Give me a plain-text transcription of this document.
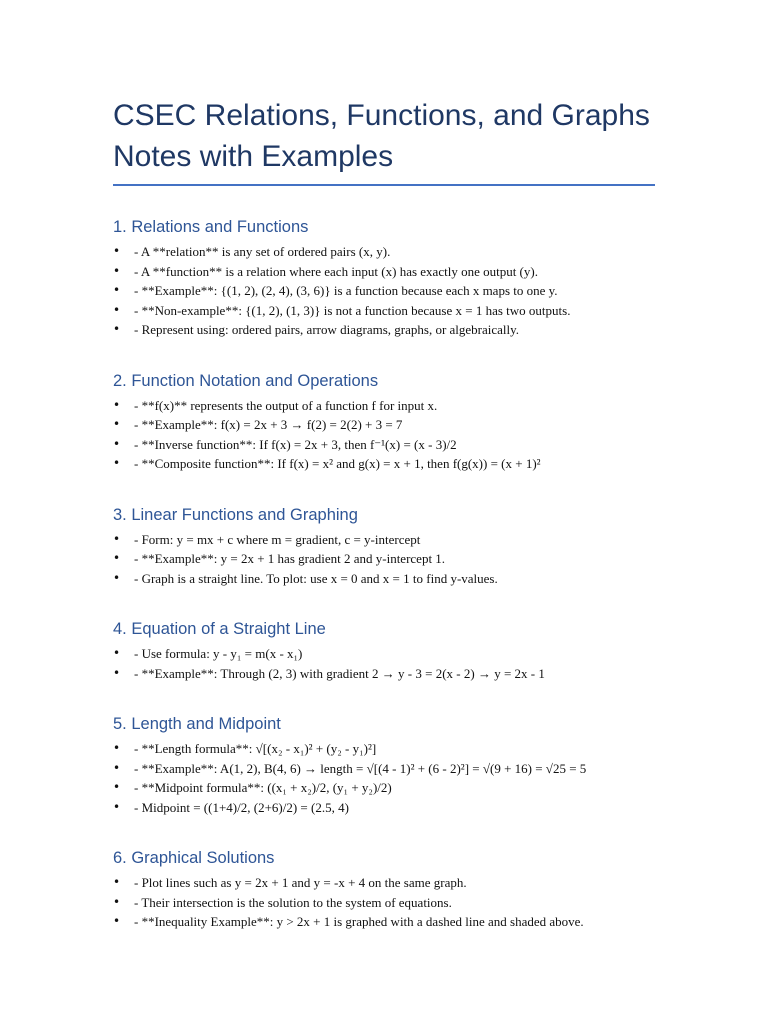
CSEC Relations, Functions, and Graphs
Notes with Examples
1. Relations and Functions
• - A **relation** is any set of ordered pairs (x, y).
• - A **function** is a relation where each input (x) has exactly one output (y).
• - **Example**: {(1, 2), (2, 4), (3, 6)} is a function because each x maps to one y.
• - **Non-example**: {(1, 2), (1, 3)} is not a function because x = 1 has two outputs.
• - Represent using: ordered pairs, arrow diagrams, graphs, or algebraically.
2. Function Notation and Operations
• - **f(x)** represents the output of a function f for input x.
• - **Example**: f(x) = 2x + 3 → f(2) = 2(2) + 3 = 7
• - **Inverse function**: If f(x) = 2x + 3, then f⁻¹(x) = (x - 3)/2
• - **Composite function**: If f(x) = x² and g(x) = x + 1, then f(g(x)) = (x + 1)²
3. Linear Functions and Graphing
• - Form: y = mx + c where m = gradient, c = y-intercept
• - **Example**: y = 2x + 1 has gradient 2 and y-intercept 1.
• - Graph is a straight line. To plot: use x = 0 and x = 1 to find y-values.
4. Equation of a Straight Line
• - Use formula: y - y₁ = m(x - x₁)
• - **Example**: Through (2, 3) with gradient 2 → y - 3 = 2(x - 2) → y = 2x - 1
5. Length and Midpoint
• - **Length formula**: √[(x₂ - x₁)² + (y₂ - y₁)²]
• - **Example**: A(1, 2), B(4, 6) → length = √[(4 - 1)² + (6 - 2)²] = √(9 + 16) = √25 = 5
• - **Midpoint formula**: ((x₁ + x₂)/2, (y₁ + y₂)/2)
• - Midpoint = ((1+4)/2, (2+6)/2) = (2.5, 4)
6. Graphical Solutions
• - Plot lines such as y = 2x + 1 and y = -x + 4 on the same graph.
• - Their intersection is the solution to the system of equations.
• - **Inequality Example**: y > 2x + 1 is graphed with a dashed line and shaded above.
